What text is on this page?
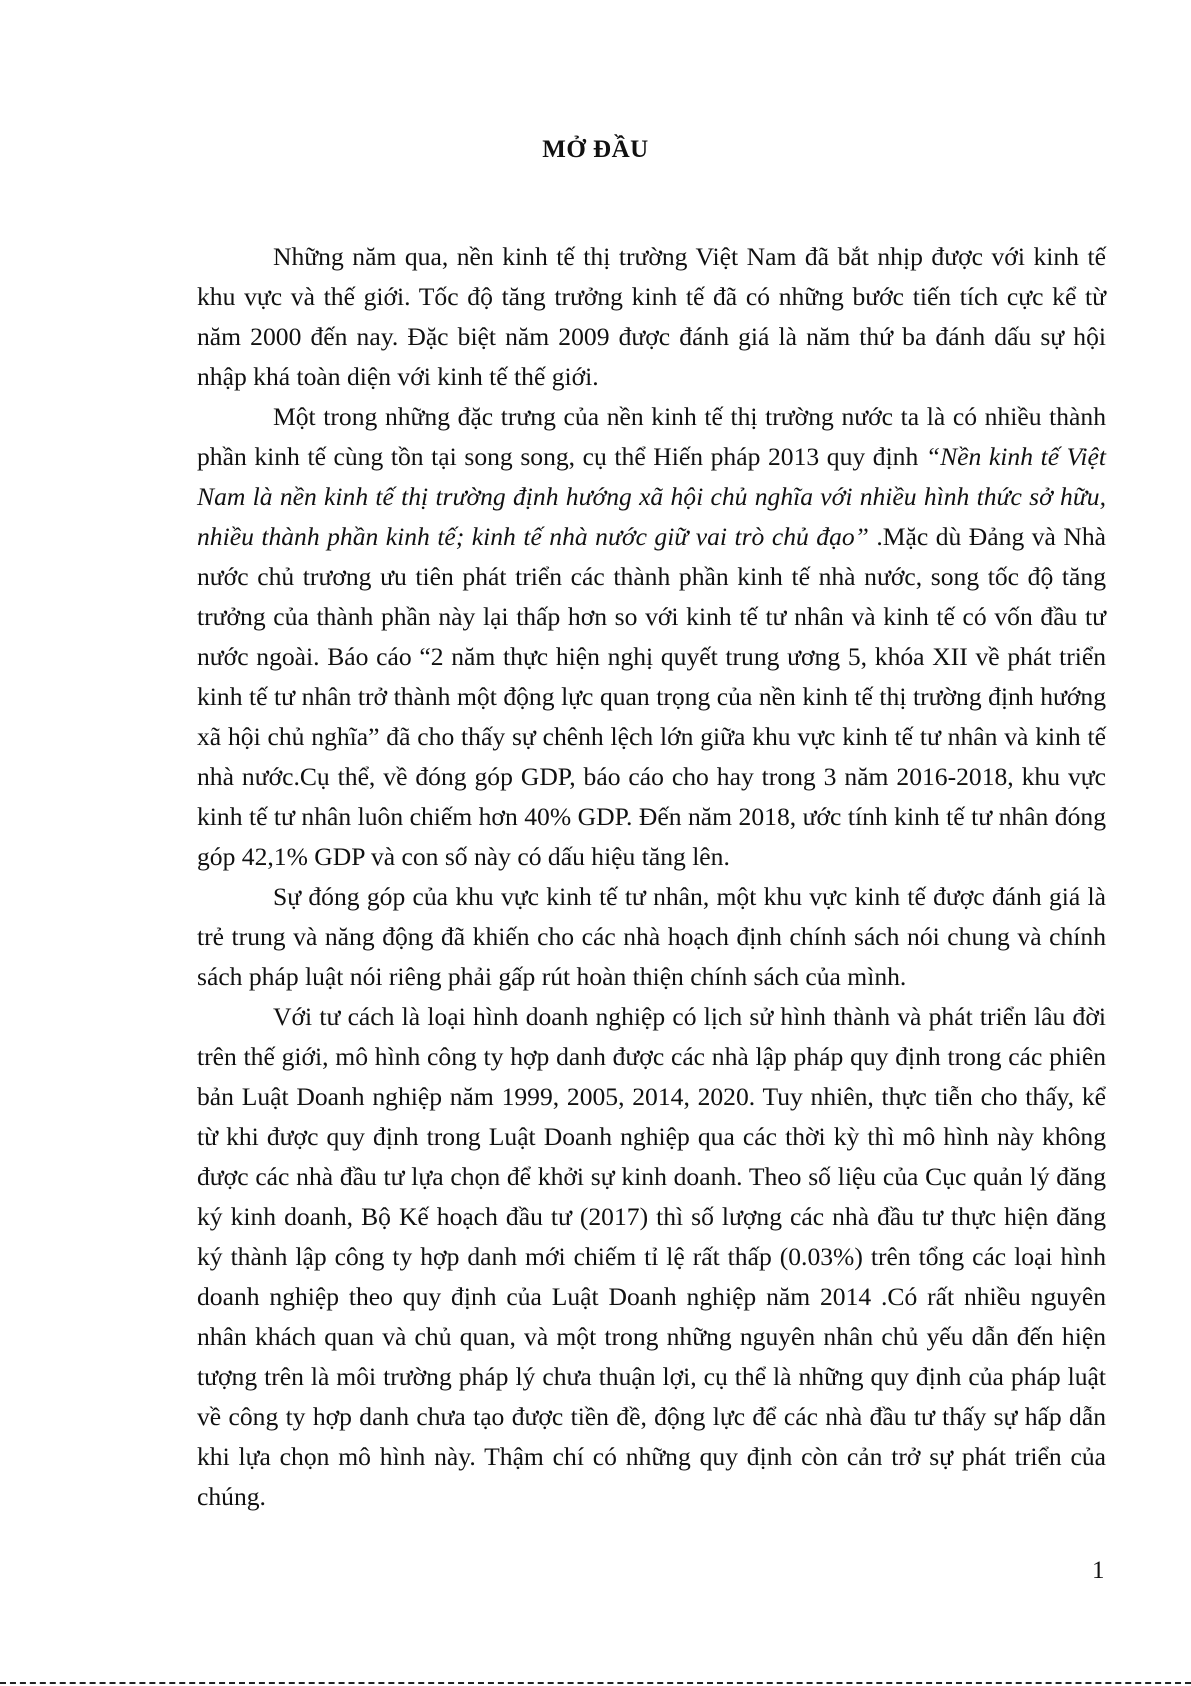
MỞ ĐẦU

Những năm qua, nền kinh tế thị trường Việt Nam đã bắt nhịp được với kinh tế khu vực và thế giới. Tốc độ tăng trưởng kinh tế đã có những bước tiến tích cực kể từ năm 2000 đến nay. Đặc biệt năm 2009 được đánh giá là năm thứ ba đánh dấu sự hội nhập khá toàn diện với kinh tế thế giới.

Một trong những đặc trưng của nền kinh tế thị trường nước ta là có nhiều thành phần kinh tế cùng tồn tại song song, cụ thể Hiến pháp 2013 quy định “Nền kinh tế Việt Nam là nền kinh tế thị trường định hướng xã hội chủ nghĩa với nhiều hình thức sở hữu, nhiều thành phần kinh tế; kinh tế nhà nước giữ vai trò chủ đạo” .Mặc dù Đảng và Nhà nước chủ trương ưu tiên phát triển các thành phần kinh tế nhà nước, song tốc độ tăng trưởng của thành phần này lại thấp hơn so với kinh tế tư nhân và kinh tế có vốn đầu tư nước ngoài. Báo cáo “2 năm thực hiện nghị quyết trung ương 5, khóa XII về phát triển kinh tế tư nhân trở thành một động lực quan trọng của nền kinh tế thị trường định hướng xã hội chủ nghĩa” đã cho thấy sự chênh lệch lớn giữa khu vực kinh tế tư nhân và kinh tế nhà nước.Cụ thể, về đóng góp GDP, báo cáo cho hay trong 3 năm 2016-2018, khu vực kinh tế tư nhân luôn chiếm hơn 40% GDP. Đến năm 2018, ước tính kinh tế tư nhân đóng góp 42,1% GDP và con số này có dấu hiệu tăng lên.

Sự đóng góp của khu vực kinh tế tư nhân, một khu vực kinh tế được đánh giá là trẻ trung và năng động đã khiến cho các nhà hoạch định chính sách nói chung và chính sách pháp luật nói riêng phải gấp rút hoàn thiện chính sách của mình.

Với tư cách là loại hình doanh nghiệp có lịch sử hình thành và phát triển lâu đời trên thế giới, mô hình công ty hợp danh được các nhà lập pháp quy định trong các phiên bản Luật Doanh nghiệp năm 1999, 2005, 2014, 2020. Tuy nhiên, thực tiễn cho thấy, kể từ khi được quy định trong Luật Doanh nghiệp qua các thời kỳ thì mô hình này không được các nhà đầu tư lựa chọn để khởi sự kinh doanh. Theo số liệu của Cục quản lý đăng ký kinh doanh, Bộ Kế hoạch đầu tư (2017) thì số lượng các nhà đầu tư thực hiện đăng ký thành lập công ty hợp danh mới chiếm tỉ lệ rất thấp (0.03%) trên tổng các loại hình doanh nghiệp theo quy định của Luật Doanh nghiệp năm 2014 .Có rất nhiều nguyên nhân khách quan và chủ quan, và một trong những nguyên nhân chủ yếu dẫn đến hiện tượng trên là môi trường pháp lý chưa thuận lợi, cụ thể là những quy định của pháp luật về công ty hợp danh chưa tạo được tiền đề, động lực để các nhà đầu tư thấy sự hấp dẫn khi lựa chọn mô hình này. Thậm chí có những quy định còn cản trở sự phát triển của chúng.

1
